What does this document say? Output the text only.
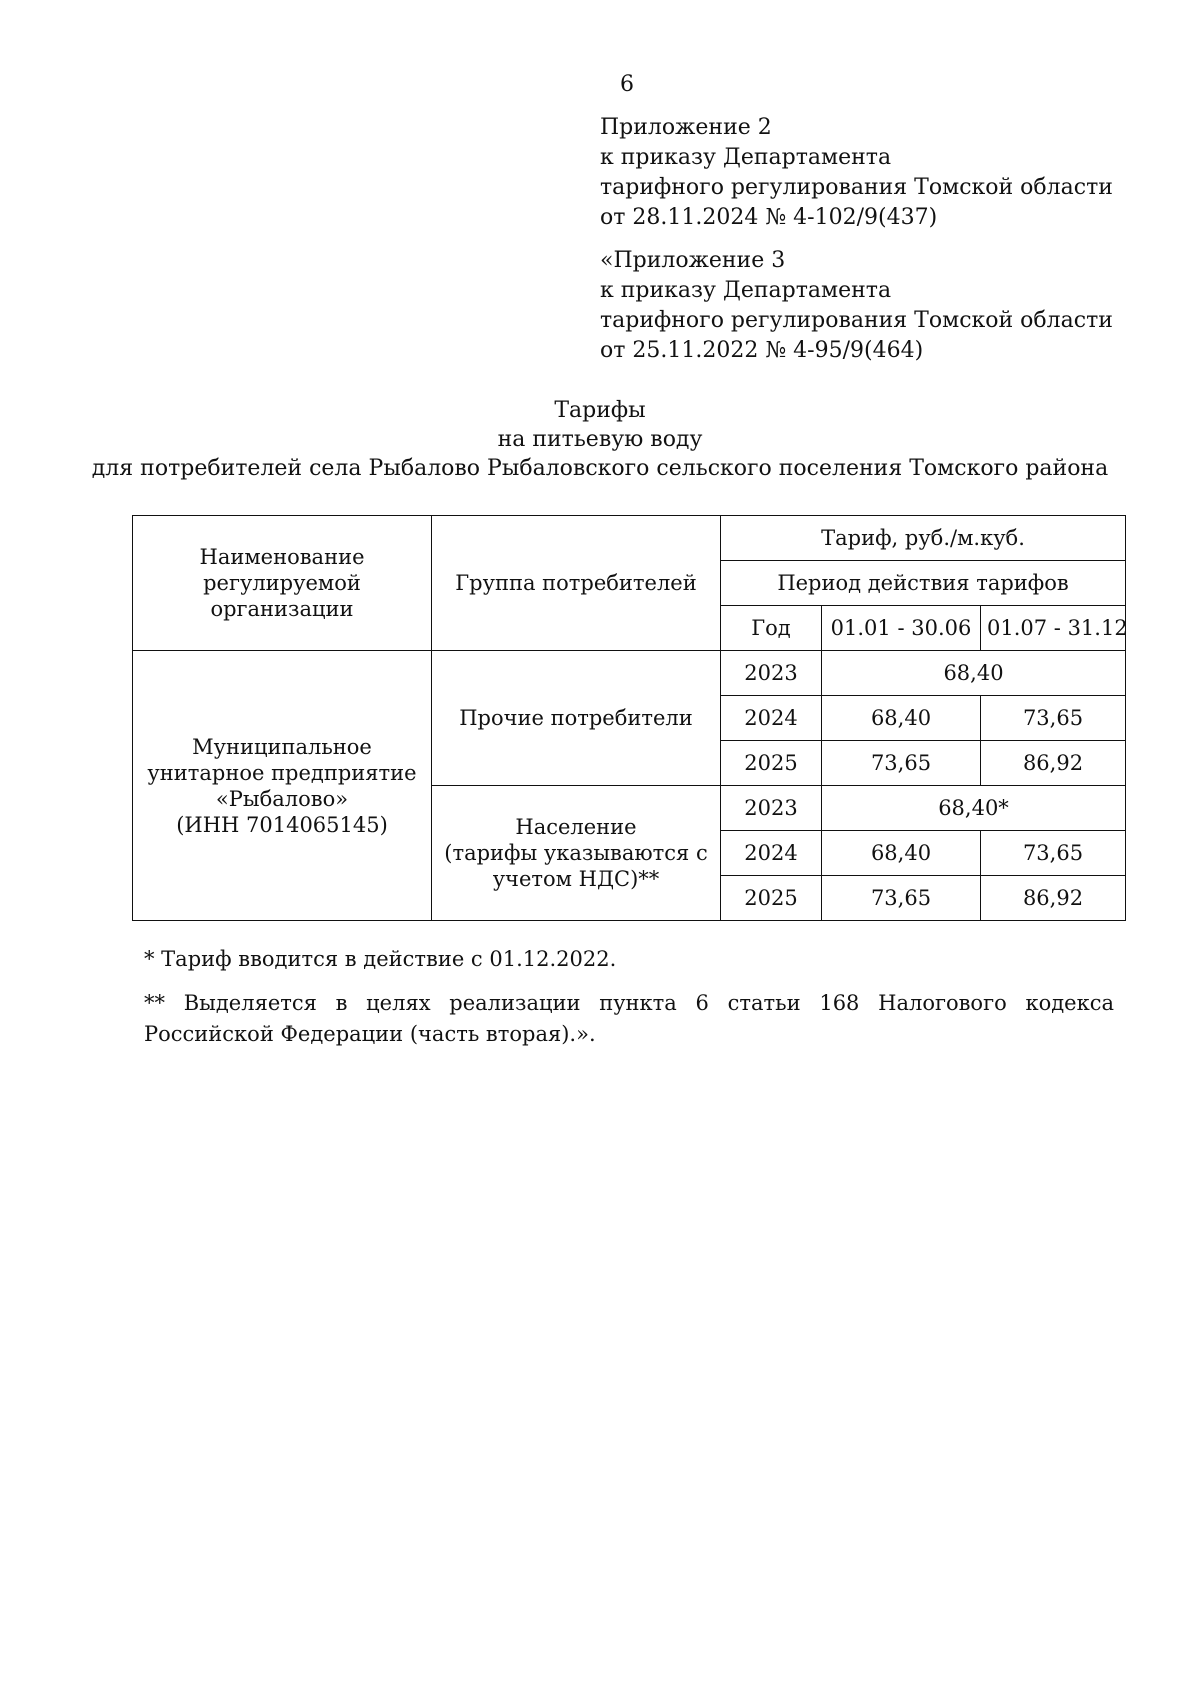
6
Приложение 2
к приказу Департамента
тарифного регулирования Томской области
от 28.11.2024 № 4-102/9(437)
«Приложение 3
к приказу Департамента
тарифного регулирования Томской области
от 25.11.2022 № 4-95/9(464)
Тарифы
на питьевую воду
для потребителей села Рыбалово Рыбаловского сельского поселения Томского района
Наименование
регулируемой
организации	Группа потребителей	Тариф, руб./м.куб.		
		Период действия тарифов		
		Год	01.01 - 30.06	01.07 - 31.12

Муниципальное
унитарное предприятие
«Рыбалово»
(ИНН 7014065145)	Прочие потребители	2023	68,40	
		2024	68,40	73,65
		2025	73,65	86,92

	Население
(тарифы указываются с
учетом НДС)**	2023	68,40*	
		2024	68,40	73,65
		2025	73,65	86,92
* Тариф вводится в действие с 01.12.2022.
** Выделяется в целях реализации пункта 6 статьи 168 Налогового кодекса Российской Федерации (часть вторая).».
